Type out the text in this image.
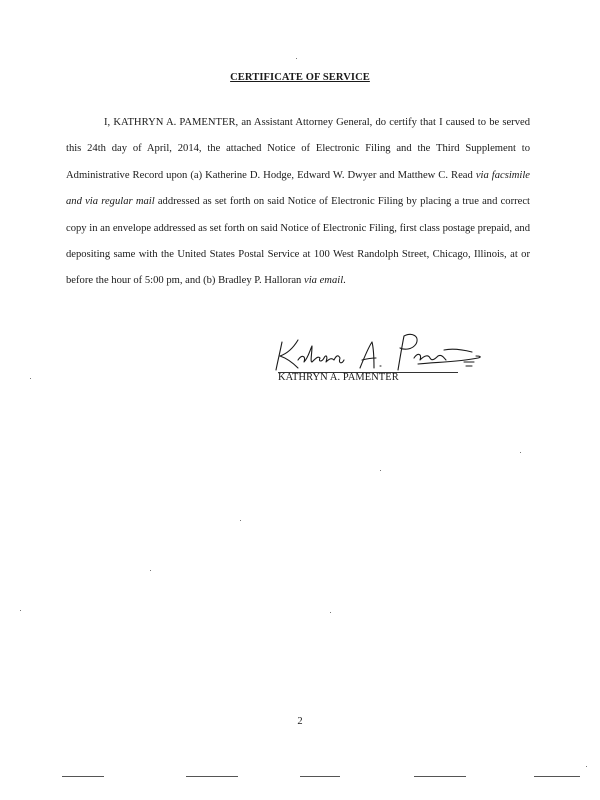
CERTIFICATE OF SERVICE

I, KATHRYN A. PAMENTER, an Assistant Attorney General, do certify that I caused to be served this 24th day of April, 2014, the attached Notice of Electronic Filing and the Third Supplement to Administrative Record upon (a) Katherine D. Hodge, Edward W. Dwyer and Matthew C. Read via facsimile and via regular mail addressed as set forth on said Notice of Electronic Filing by placing a true and correct copy in an envelope addressed as set forth on said Notice of Electronic Filing, first class postage prepaid, and depositing same with the United States Postal Service at 100 West Randolph Street, Chicago, Illinois, at or before the hour of 5:00 pm, and (b) Bradley P. Halloran via email.

KATHRYN A. PAMENTER
2
